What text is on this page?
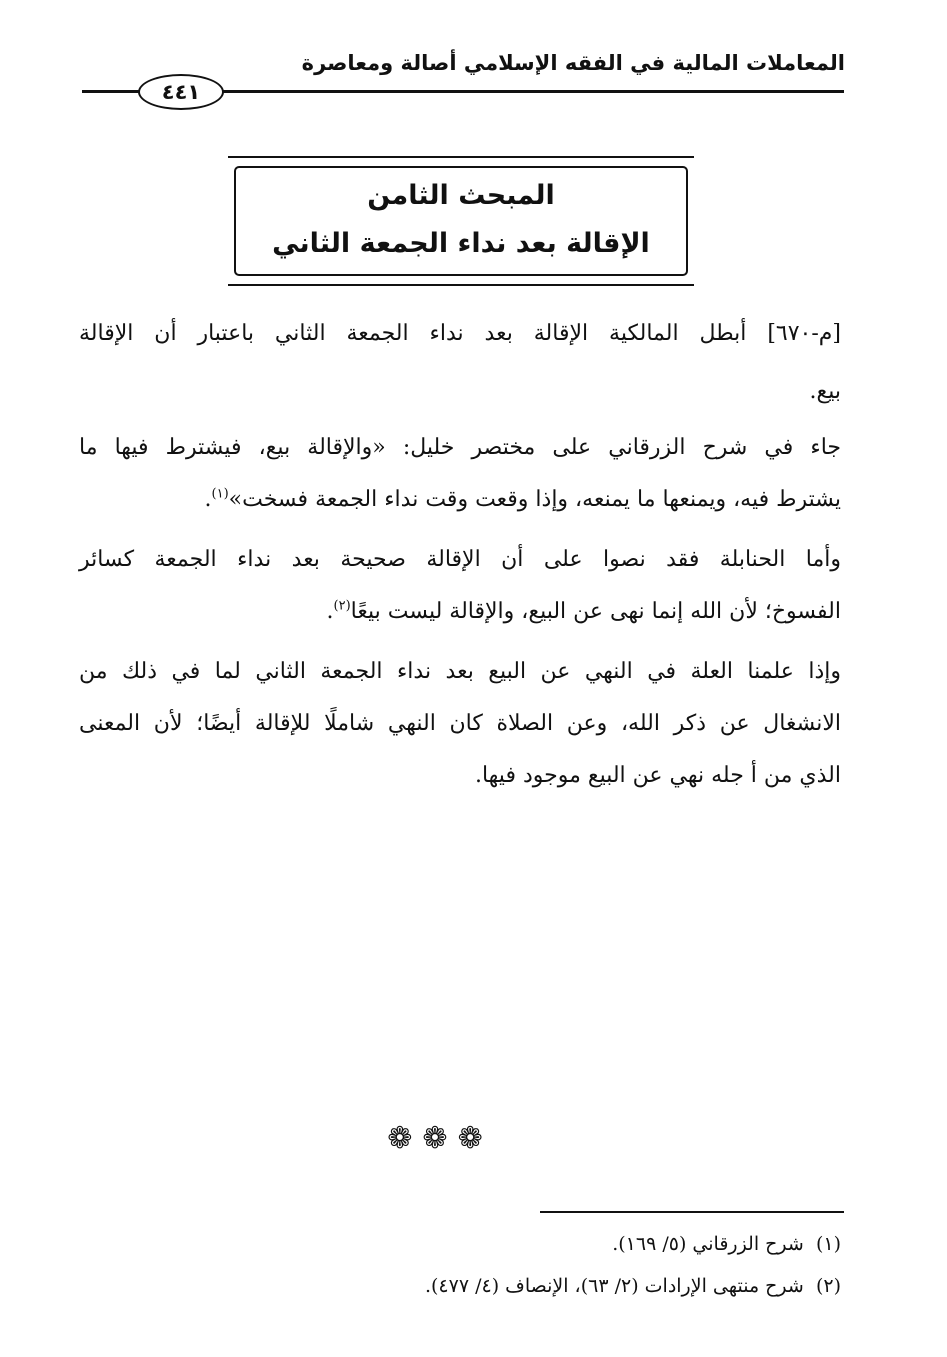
المعاملات المالية في الفقه الإسلامي أصالة ومعاصرة
٤٤١
المبحث الثامن
الإقالة بعد نداء الجمعة الثاني
[م-٦٧٠] أبطل المالكية الإقالة بعد نداء الجمعة الثاني باعتبار أن الإقالة
بيع.
جاء في شرح الزرقاني على مختصر خليل: «والإقالة بيع، فيشترط فيها ما
يشترط فيه، ويمنعها ما يمنعه، وإذا وقعت وقت نداء الجمعة فسخت»$^{(١)}$.
وأما الحنابلة فقد نصوا على أن الإقالة صحيحة بعد نداء الجمعة كسائر
الفسوخ؛ لأن الله إنما نهى عن البيع، والإقالة ليست بيعًا$^{(٢)}$.
وإذا علمنا العلة في النهي عن البيع بعد نداء الجمعة الثاني لما في ذلك من
الانشغال عن ذكر الله، وعن الصلاة كان النهي شاملًا للإقالة أيضًا؛ لأن المعنى
الذي من أ جله نهي عن البيع موجود فيها.
❁❁❁
(١)  شرح الزرقاني (٥/ ١٦٩).
(٢)  شرح منتهى الإرادات (٢/ ٦٣)، الإنصاف (٤/ ٤٧٧).
